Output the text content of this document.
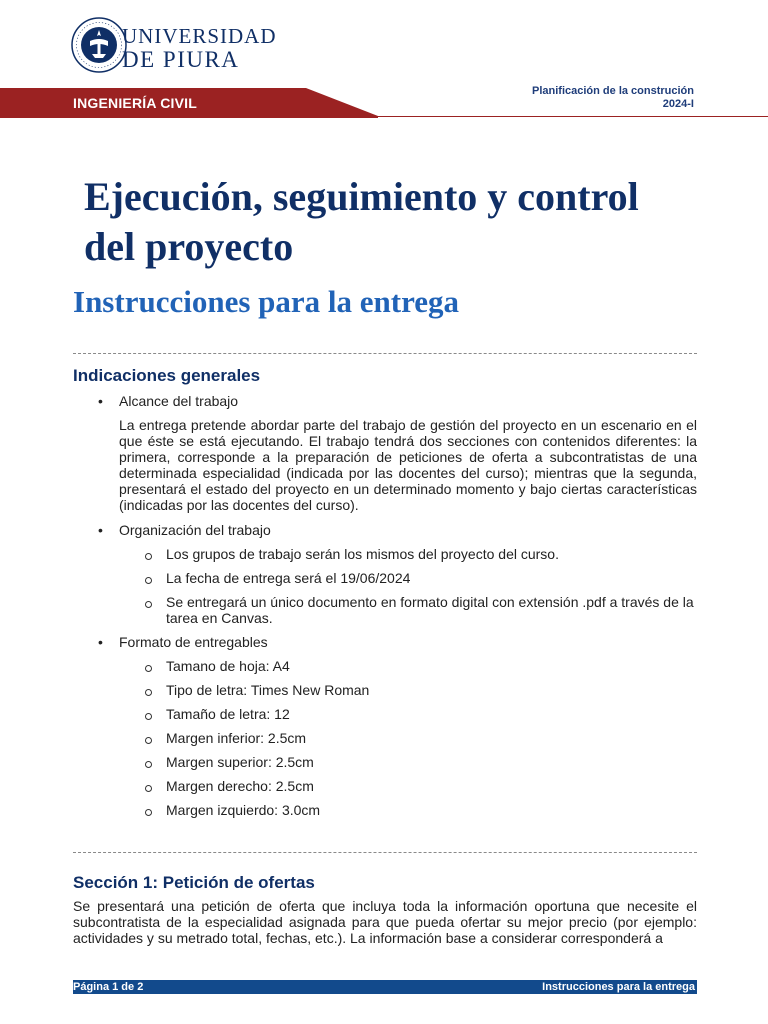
UNIVERSIDAD
DE PIURA
INGENIERÍA CIVIL
Planificación de la construción
2024-I
Ejecución, seguimiento y control del proyecto
Instrucciones para la entrega
Indicaciones generales
• Alcance del trabajo

La entrega pretende abordar parte del trabajo de gestión del proyecto en un escenario en el que éste se está ejecutando. El trabajo tendrá dos secciones con contenidos diferentes: la primera, corresponde a la preparación de peticiones de oferta a subcontratistas de una determinada especialidad (indicada por las docentes del curso); mientras que la segunda, presentará el estado del proyecto en un determinado momento y bajo ciertas características (indicadas por las docentes del curso).

• Organización del trabajo
Los grupos de trabajo serán los mismos del proyecto del curso.
La fecha de entrega será el 19/06/2024
Se entregará un único documento en formato digital con extensión .pdf a través de la tarea en Canvas.
• Formato de entregables
Tamano de hoja: A4
Tipo de letra: Times New Roman
Tamaño de letra: 12
Margen inferior: 2.5cm
Margen superior: 2.5cm
Margen derecho: 2.5cm
Margen izquierdo: 3.0cm
Sección 1: Petición de ofertas

Se presentará una petición de oferta que incluya toda la información oportuna que necesite el subcontratista de la especialidad asignada para que pueda ofertar su mejor precio (por ejemplo: actividades y su metrado total, fechas, etc.). La información base a considerar corresponderá a

Página 1 de 2	Instrucciones para la entrega
